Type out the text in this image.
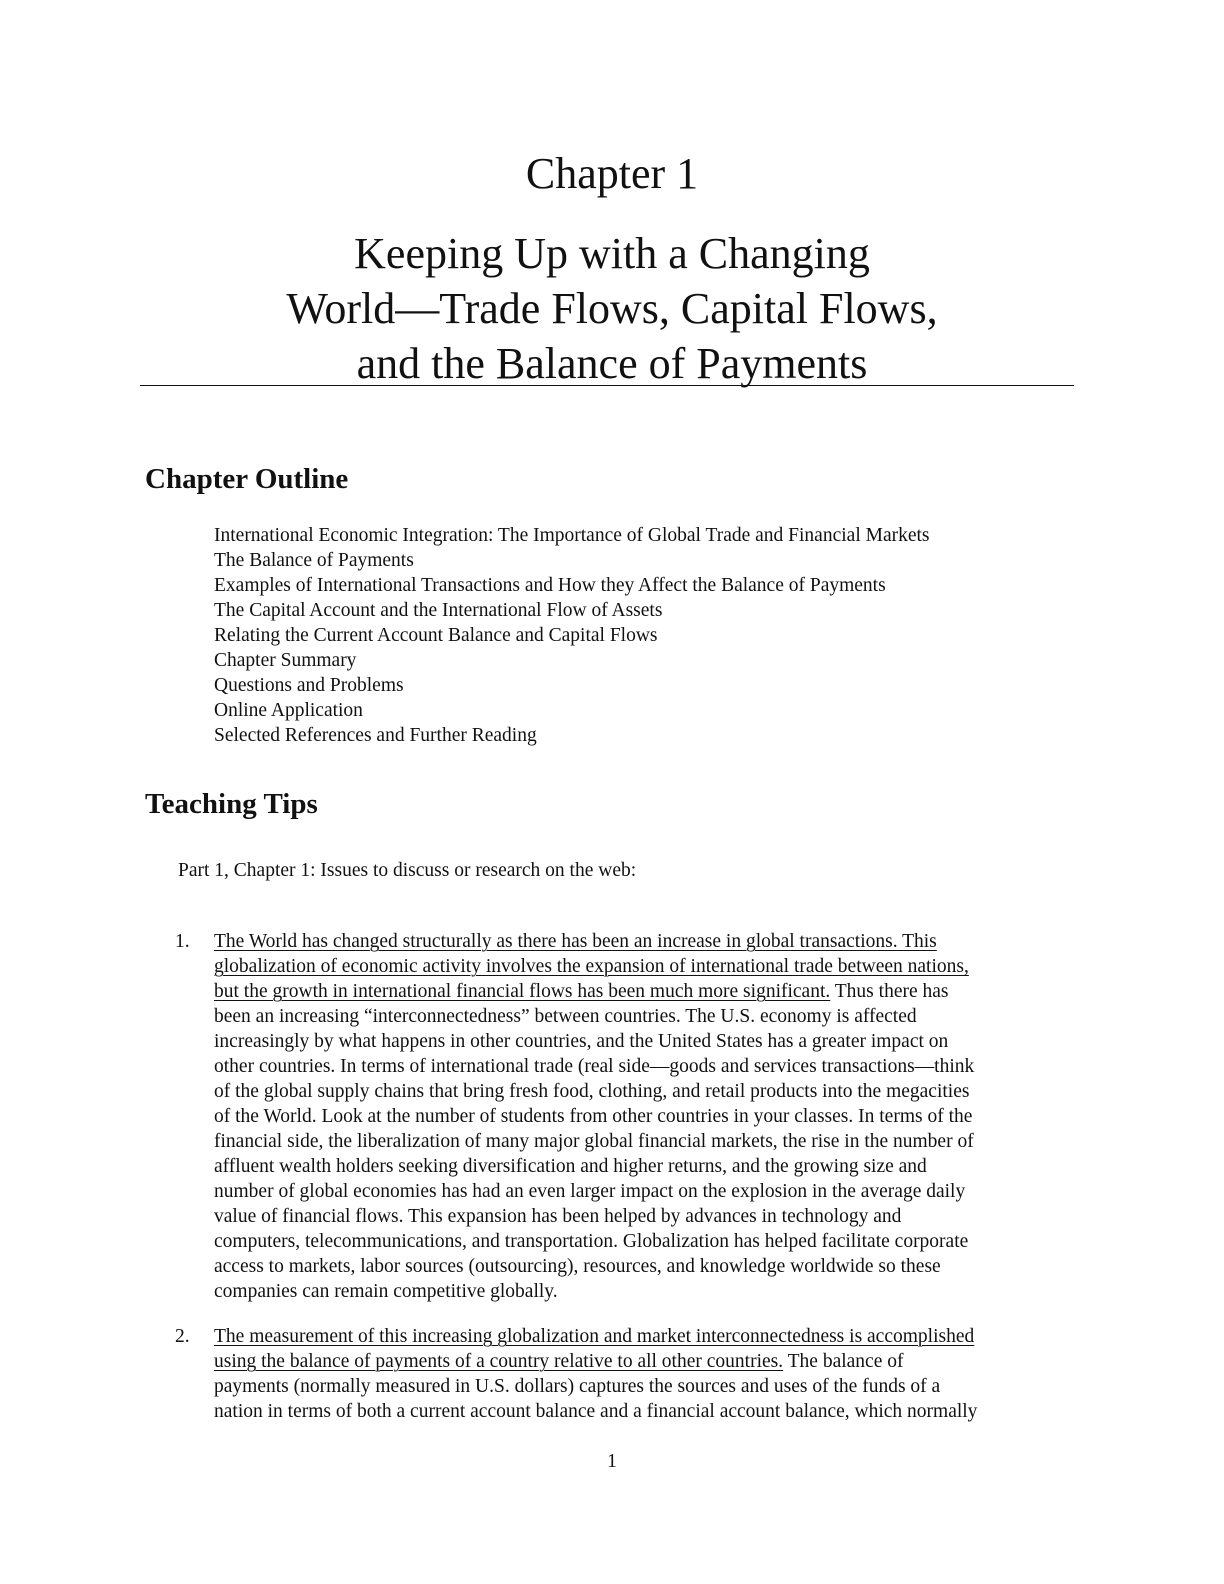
Chapter 1
Keeping Up with a Changing
World—Trade Flows, Capital Flows,
and the Balance of Payments
Chapter Outline
International Economic Integration: The Importance of Global Trade and Financial Markets
The Balance of Payments
Examples of International Transactions and How they Affect the Balance of Payments
The Capital Account and the International Flow of Assets
Relating the Current Account Balance and Capital Flows
Chapter Summary
Questions and Problems
Online Application
Selected References and Further Reading
Teaching Tips
Part 1, Chapter 1: Issues to discuss or research on the web:
1.	The World has changed structurally as there has been an increase in global transactions. This
globalization of economic activity involves the expansion of international trade between nations,
but the growth in international financial flows has been much more significant. Thus there has
been an increasing “interconnectedness” between countries. The U.S. economy is affected
increasingly by what happens in other countries, and the United States has a greater impact on
other countries. In terms of international trade (real side—goods and services transactions—think
of the global supply chains that bring fresh food, clothing, and retail products into the megacities
of the World. Look at the number of students from other countries in your classes. In terms of the
financial side, the liberalization of many major global financial markets, the rise in the number of
affluent wealth holders seeking diversification and higher returns, and the growing size and
number of global economies has had an even larger impact on the explosion in the average daily
value of financial flows. This expansion has been helped by advances in technology and
computers, telecommunications, and transportation. Globalization has helped facilitate corporate
access to markets, labor sources (outsourcing), resources, and knowledge worldwide so these
companies can remain competitive globally.
2.	The measurement of this increasing globalization and market interconnectedness is accomplished
using the balance of payments of a country relative to all other countries. The balance of
payments (normally measured in U.S. dollars) captures the sources and uses of the funds of a
nation in terms of both a current account balance and a financial account balance, which normally
1
